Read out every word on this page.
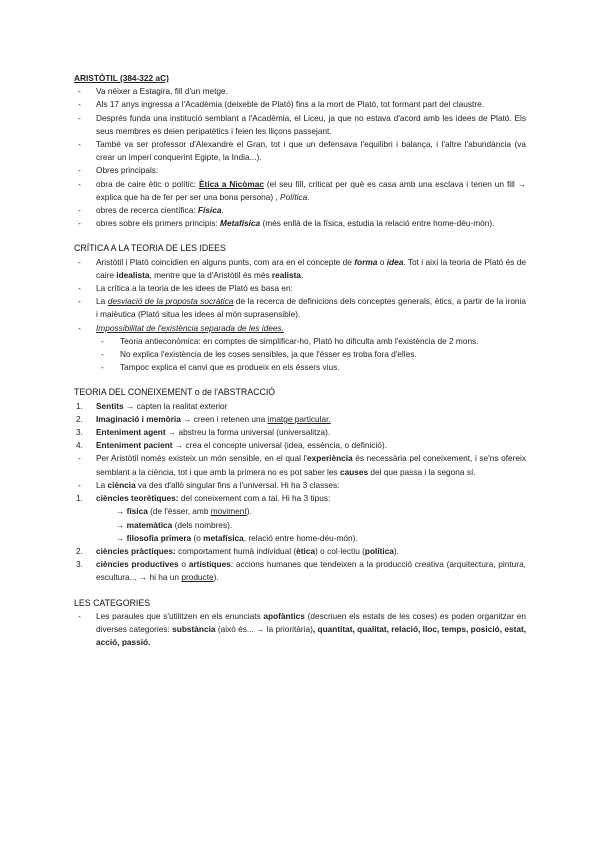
ARISTÒTIL (384-322 aC)

- Va néixer a Estagira, fill d'un metge.
- Als 17 anys ingressa a l'Acadèmia (deixeble de Plató) fins a la mort de Plató, tot formant part del claustre.
- Després funda una institució semblant a l'Acadèmia, el Liceu, ja que no estava d'acord amb les idees de Plató. Els seus membres es deien peripatètics i feien les lliçons passejant.
- També va ser professor d'Alexandre el Gran, tot i que un defensava l'equilibri i balança, i l'altre l'abundància (va crear un imperi conquerint Egipte, la India...).
- Obres principals:
- obra de caire ètic o polític: Ètica a Nicòmac (el seu fill, criticat per què es casa amb una esclava i tenen un fill → explica que ha de fer per ser una bona persona) , Política.
- obres de recerca científica: Física.
- obres sobre els primers principis: Metafísica (més enllà de la física, estudia la relació entre home-déu-món).

CRÍTICA A LA TEORIA DE LES IDEES

- Aristòtil i Plató coincidien en alguns punts, com ara en el concepte de forma o idea. Tot i així la teoria de Plató és de caire idealista, mentre que la d'Aristòtil és més realista.
- La crítica a la teoria de les idees de Plató es basa en:
- La desviació de la proposta socràtica de la recerca de definicions dels conceptes generals, ètics, a partir de la ironia i maièutica (Plató situa les idees al món suprasensible).
- Impossibilitat de l'existència separada de les idees.
- Teoria antieconòmica: en comptes de simplificar-ho, Plató ho dificulta amb l'existència de 2 mons.
- No explica l'existència de les coses sensibles, ja que l'ésser es troba fora d'elles.
- Tampoc explica el canvi que es produeix en els éssers vius.

TEORIA DEL CONEIXEMENT o de l'ABSTRACCIÓ

1. Sentits → capten la realitat exterior
2. Imaginació i memòria → creen i retenen una imatge particular.
3. Enteniment agent → abstreu la forma universal (universalitza).
4. Enteniment pacient → crea el concepte universal (idea, essència, o definició).
- Per Aristòtil només existeix un món sensible, en el qual l'experiència és necessària pel coneixement, i se'ns ofereix semblant a la ciència, tot i que amb la primera no es pot saber les causes del que passa i la segona sí.
- La ciència va des d'allò singular fins a l'universal. Hi ha 3 classes:
1. ciències teorètiques: del coneixement com a tal. Hi ha 3 tipus:
→ física (de l'ésser, amb moviment).
→ matemàtica (dels nombres).
→ filosofia primera (o metafísica, relació entre home-déu-món).
2. ciències pràctiques: comportament humà individual (ètica) o col·lectiu (política).
3. ciències productives o artístiques: accions humanes que tendeixen a la producció creativa (arquitectura, pintura, escultura... → hi ha un producte).

LES CATEGORIES

- Les paraules que s'utilitzen en els enunciats apofàntics (descriuen els estats de les coses) es poden organitzar en diverses categories: substància (això és... → la prioritària), quantitat, qualitat, relació, lloc, temps, posició, estat, acció, passió.
